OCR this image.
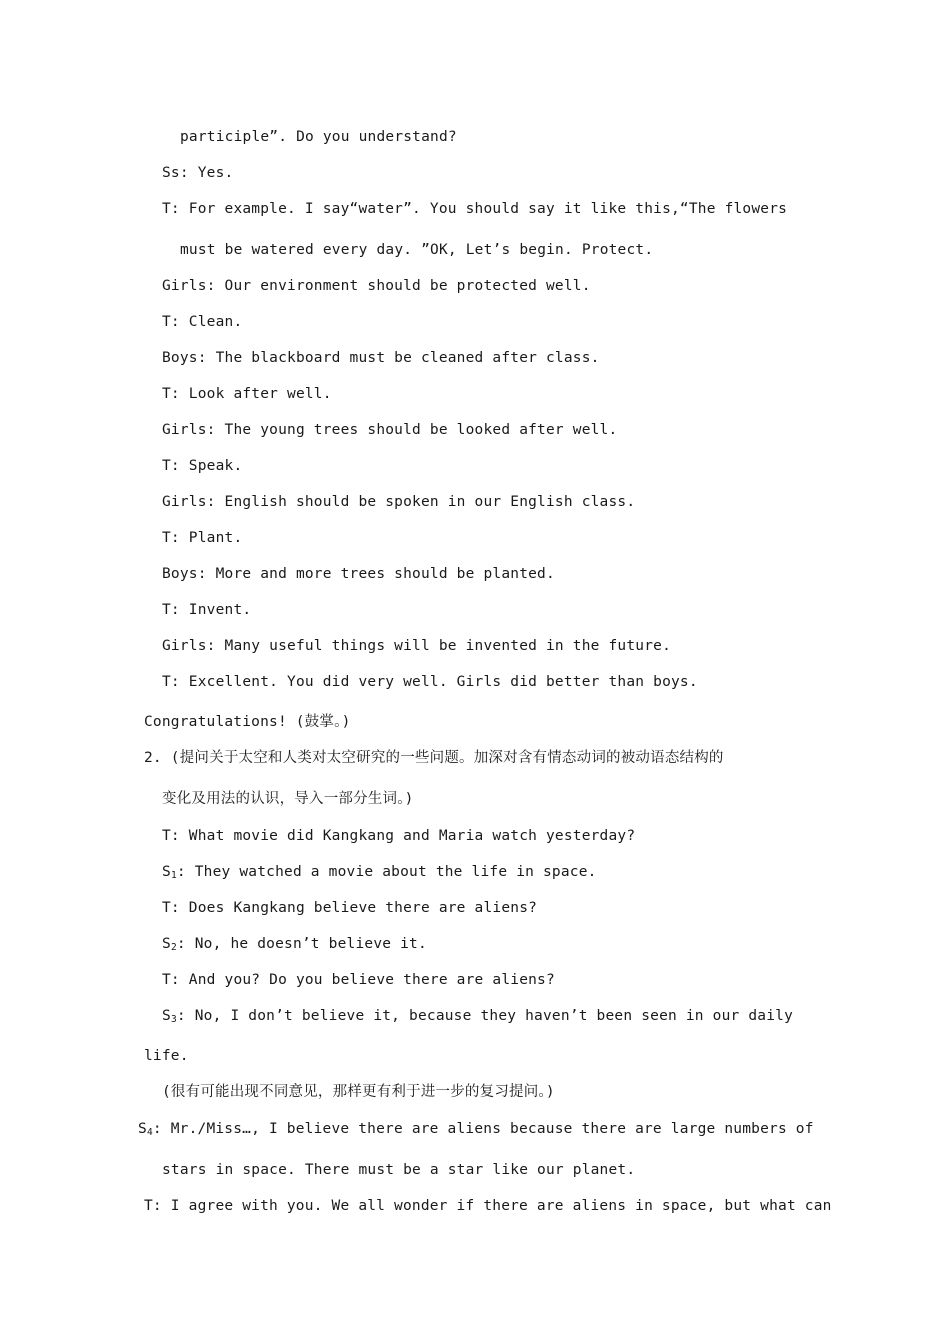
participle”. Do you understand?
Ss: Yes.
T: For example. I say“water”. You should say it like this,“The flowers
must be watered every day. ”OK, Let’s begin. Protect.
Girls: Our environment should be protected well.
T: Clean.
Boys: The blackboard must be cleaned after class.
T: Look after well.
Girls: The young trees should be looked after well.
T: Speak.
Girls: English should be spoken in our English class.
T: Plant.
Boys: More and more trees should be planted.
T: Invent.
Girls: Many useful things will be invented in the future.
T: Excellent. You did very well. Girls did better than boys.
Congratulations! (鼓掌。)
2. (提问关于太空和人类对太空研究的一些问题。加深对含有情态动词的被动语态结构的
变化及用法的认识，导入一部分生词。)
T: What movie did Kangkang and Maria watch yesterday?
$S_1$: They watched a movie about the life in space.
T: Does Kangkang believe there are aliens?
$S_2$: No, he doesn’t believe it.
T: And you? Do you believe there are aliens?
$S_3$: No, I don’t believe it, because they haven’t been seen in our daily
life.
(很有可能出现不同意见，那样更有利于进一步的复习提问。)
$S_4$: Mr./Miss…, I believe there are aliens because there are large numbers of
stars in space. There must be a star like our planet.
T: I agree with you. We all wonder if there are aliens in space, but what can
